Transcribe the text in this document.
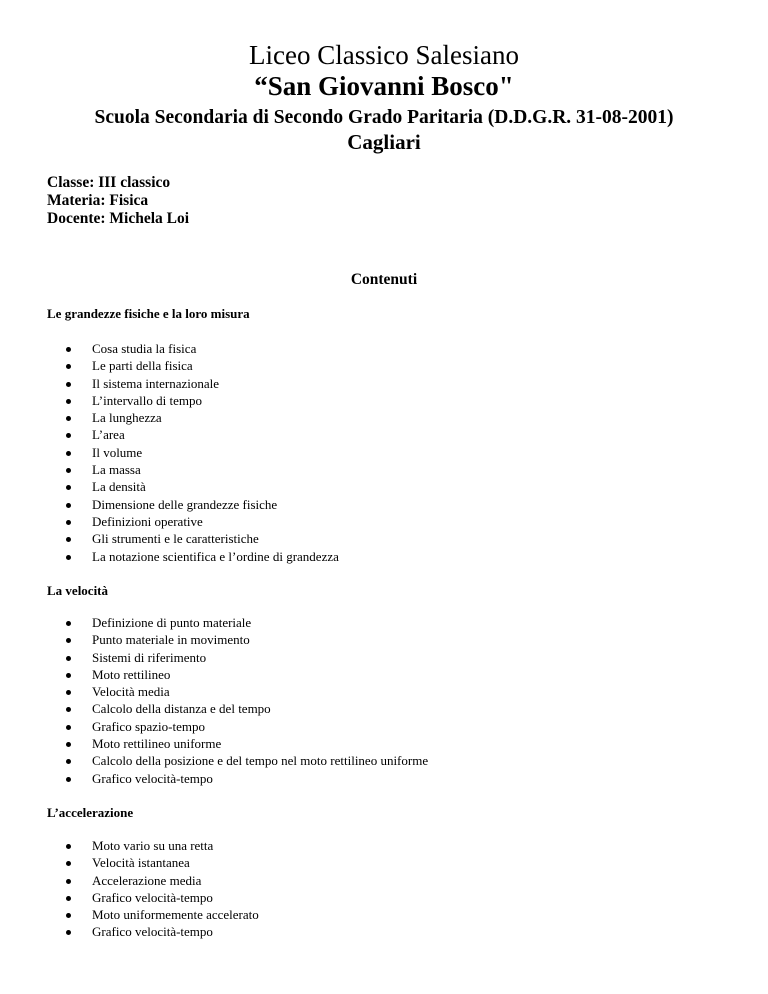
Liceo Classico Salesiano
“San Giovanni Bosco"
Scuola Secondaria di Secondo Grado Paritaria (D.D.G.R. 31-08-2001)
Cagliari
Classe: III classico
Materia: Fisica
Docente: Michela Loi
Contenuti
Le grandezze fisiche e la loro misura
Cosa studia la fisica
Le parti della fisica
Il sistema internazionale
L’intervallo di tempo
La lunghezza
L’area
Il volume
La massa
La densità
Dimensione delle grandezze fisiche
Definizioni operative
Gli strumenti e le caratteristiche
La notazione scientifica e l’ordine di grandezza
La velocità
Definizione di punto materiale
Punto materiale in movimento
Sistemi di riferimento
Moto rettilineo
Velocità media
Calcolo della distanza e del tempo
Grafico spazio-tempo
Moto rettilineo uniforme
Calcolo della posizione e del tempo nel moto rettilineo uniforme
Grafico velocità-tempo
L’accelerazione
Moto vario su una retta
Velocità istantanea
Accelerazione media
Grafico velocità-tempo
Moto uniformemente accelerato
Grafico velocità-tempo
